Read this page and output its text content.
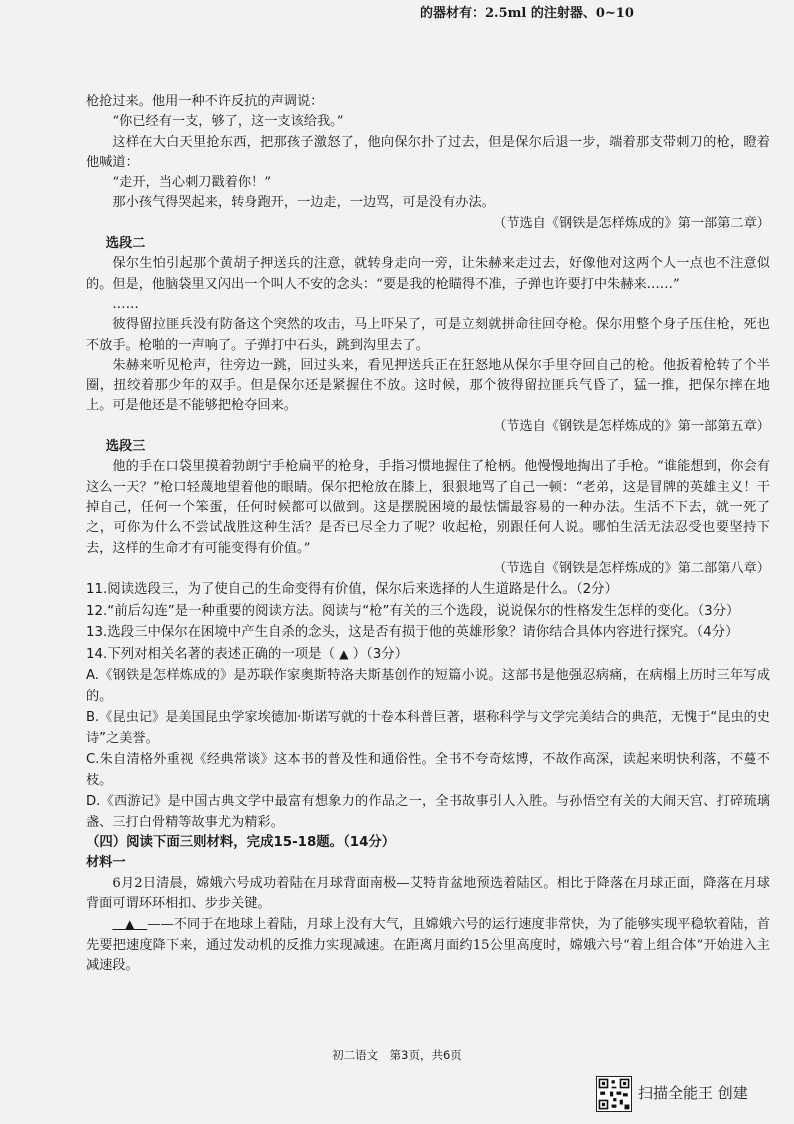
的器材有：2.5ml 的注射器、0~10

枪抢过来。他用一种不许反抗的声调说：

“你已经有一支，够了，这一支该给我。”

这样在大白天里抢东西，把那孩子激怒了，他向保尔扑了过去，但是保尔后退一步，端着那支带刺刀的枪，瞪着他喊道：

“走开，当心刺刀戳着你！”

那小孩气得哭起来，转身跑开，一边走，一边骂，可是没有办法。

（节选自《钢铁是怎样炼成的》第一部第二章）

选段二

保尔生怕引起那个黄胡子押送兵的注意，就转身走向一旁，让朱赫来走过去，好像他对这两个人一点也不注意似的。但是，他脑袋里又闪出一个叫人不安的念头：“要是我的枪瞄得不准，子弹也许要打中朱赫来……”

……

彼得留拉匪兵没有防备这个突然的攻击，马上吓呆了，可是立刻就拼命往回夺枪。保尔用整个身子压住枪，死也不放手。枪啪的一声响了。子弹打中石头，跳到沟里去了。

朱赫来听见枪声，往旁边一跳，回过头来，看见押送兵正在狂怒地从保尔手里夺回自己的枪。他扳着枪转了个半圈，扭绞着那少年的双手。但是保尔还是紧握住不放。这时候，那个彼得留拉匪兵气昏了，猛一推，把保尔摔在地上。可是他还是不能够把枪夺回来。

（节选自《钢铁是怎样炼成的》第一部第五章）

选段三

他的手在口袋里摸着勃朗宁手枪扁平的枪身，手指习惯地握住了枪柄。他慢慢地掏出了手枪。“谁能想到，你会有这么一天？”枪口轻蔑地望着他的眼睛。保尔把枪放在膝上，狠狠地骂了自己一顿：“老弟，这是冒牌的英雄主义！干掉自己，任何一个笨蛋，任何时候都可以做到。这是摆脱困境的最怯懦最容易的一种办法。生活不下去，就一死了之，可你为什么不尝试战胜这种生活？是否已尽全力了呢？收起枪，别跟任何人说。哪怕生活无法忍受也要坚持下去，这样的生命才有可能变得有价值。”

（节选自《钢铁是怎样炼成的》第二部第八章）

11.阅读选段三，为了使自己的生命变得有价值，保尔后来选择的人生道路是什么。（2分）

12.“前后勾连”是一种重要的阅读方法。阅读与“枪”有关的三个选段，说说保尔的性格发生怎样的变化。（3分）

13.选段三中保尔在困境中产生自杀的念头，这是否有损于他的英雄形象？请你结合具体内容进行探究。（4分）

14.下列对相关名著的表述正确的一项是（ ▲ ）（3分）

A.《钢铁是怎样炼成的》是苏联作家奥斯特洛夫斯基创作的短篇小说。这部书是他强忍病痛，在病榻上历时三年写成的。

B.《昆虫记》是美国昆虫学家埃德加·斯诺写就的十卷本科普巨著，堪称科学与文学完美结合的典范，无愧于“昆虫的史诗”之美誉。

C.朱自清格外重视《经典常谈》这本书的普及性和通俗性。全书不夸奇炫博，不故作高深，读起来明快利落，不蔓不枝。

D.《西游记》是中国古典文学中最富有想象力的作品之一，全书故事引人入胜。与孙悟空有关的大闹天宫、打碎琉璃盏、三打白骨精等故事尤为精彩。

（四）阅读下面三则材料，完成15-18题。（14分）

材料一

6月2日清晨，嫦娥六号成功着陆在月球背面南极—艾特肯盆地预选着陆区。相比于降落在月球正面，降落在月球背面可谓环环相扣、步步关键。

▲ ——不同于在地球上着陆，月球上没有大气，且嫦娥六号的运行速度非常快，为了能够实现平稳软着陆，首先要把速度降下来，通过发动机的反推力实现减速。在距离月面约15公里高度时，嫦娥六号“着上组合体”开始进入主减速段。

初二语文　第3页，共6页
扫描全能王 创建
